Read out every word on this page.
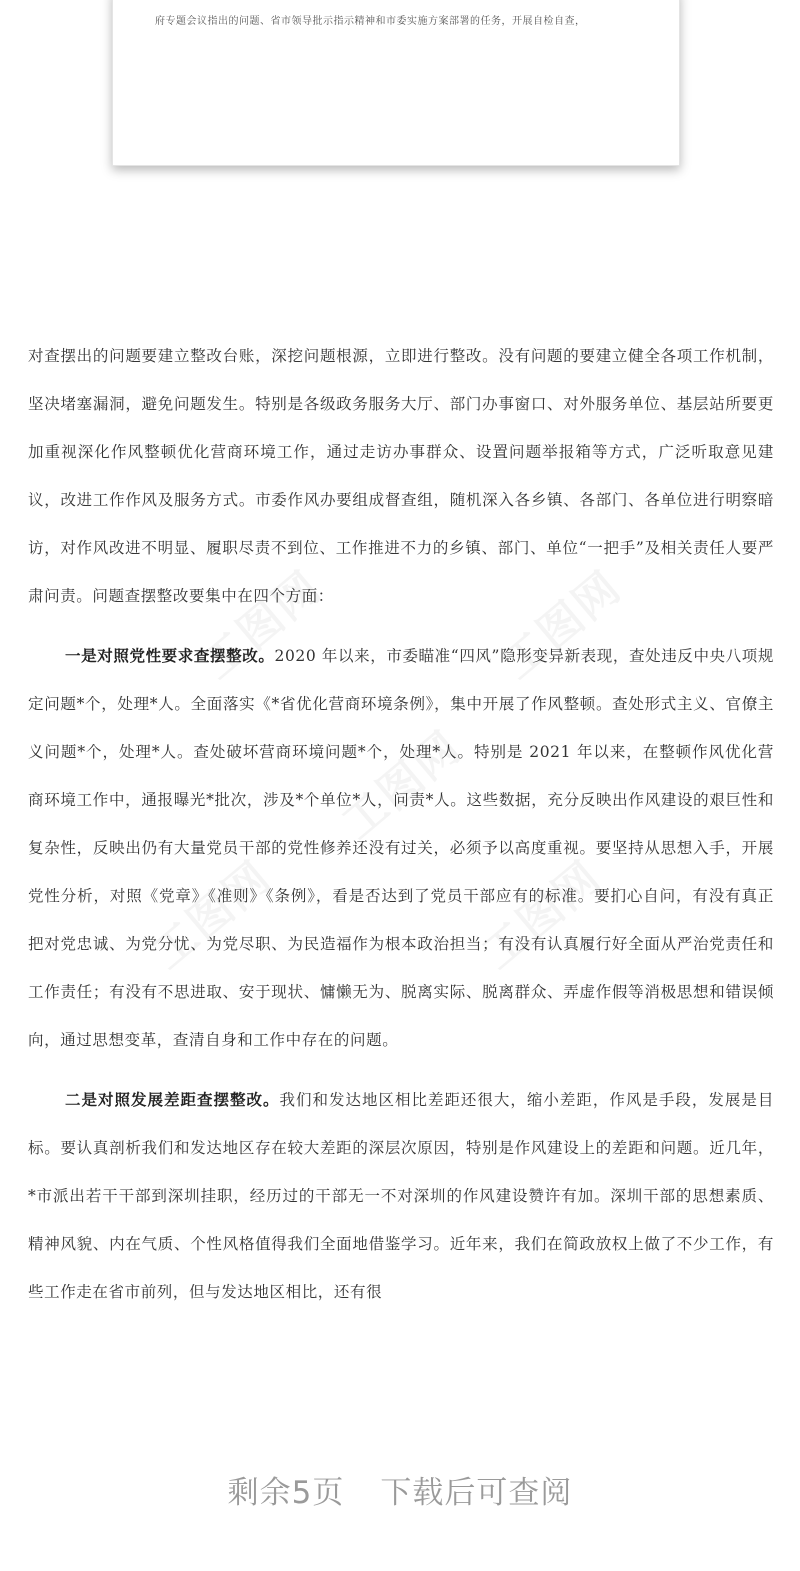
府专题会议指出的问题、省市领导批示指示精神和市委实施方案部署的任务，开展自检自查，

对查摆出的问题要建立整改台账，深挖问题根源，立即进行整改。没有问题的要建立健全各项工作机制，坚决堵塞漏洞，避免问题发生。特别是各级政务服务大厅、部门办事窗口、对外服务单位、基层站所要更加重视深化作风整顿优化营商环境工作，通过走访办事群众、设置问题举报箱等方式，广泛听取意见建议，改进工作作风及服务方式。市委作风办要组成督查组，随机深入各乡镇、各部门、各单位进行明察暗访，对作风改进不明显、履职尽责不到位、工作推进不力的乡镇、部门、单位“一把手”及相关责任人要严肃问责。问题查摆整改要集中在四个方面：

一是对照党性要求查摆整改。2020 年以来，市委瞄准“四风”隐形变异新表现，查处违反中央八项规定问题*个，处理*人。全面落实《*省优化营商环境条例》，集中开展了作风整顿。查处形式主义、官僚主义问题*个，处理*人。查处破坏营商环境问题*个，处理*人。特别是 2021 年以来，在整顿作风优化营商环境工作中，通报曝光*批次，涉及*个单位*人，问责*人。这些数据，充分反映出作风建设的艰巨性和复杂性，反映出仍有大量党员干部的党性修养还没有过关，必须予以高度重视。要坚持从思想入手，开展党性分析，对照《党章》《准则》《条例》，看是否达到了党员干部应有的标准。要扪心自问，有没有真正把对党忠诚、为党分忧、为党尽职、为民造福作为根本政治担当；有没有认真履行好全面从严治党责任和工作责任；有没有不思进取、安于现状、慵懒无为、脱离实际、脱离群众、弄虚作假等消极思想和错误倾向，通过思想变革，查清自身和工作中存在的问题。

二是对照发展差距查摆整改。我们和发达地区相比差距还很大，缩小差距，作风是手段，发展是目标。要认真剖析我们和发达地区存在较大差距的深层次原因，特别是作风建设上的差距和问题。近几年，*市派出若干干部到深圳挂职，经历过的干部无一不对深圳的作风建设赞许有加。深圳干部的思想素质、精神风貌、内在气质、个性风格值得我们全面地借鉴学习。近年来，我们在简政放权上做了不少工作，有些工作走在省市前列，但与发达地区相比，还有很

剩余5页 下载后可查阅
